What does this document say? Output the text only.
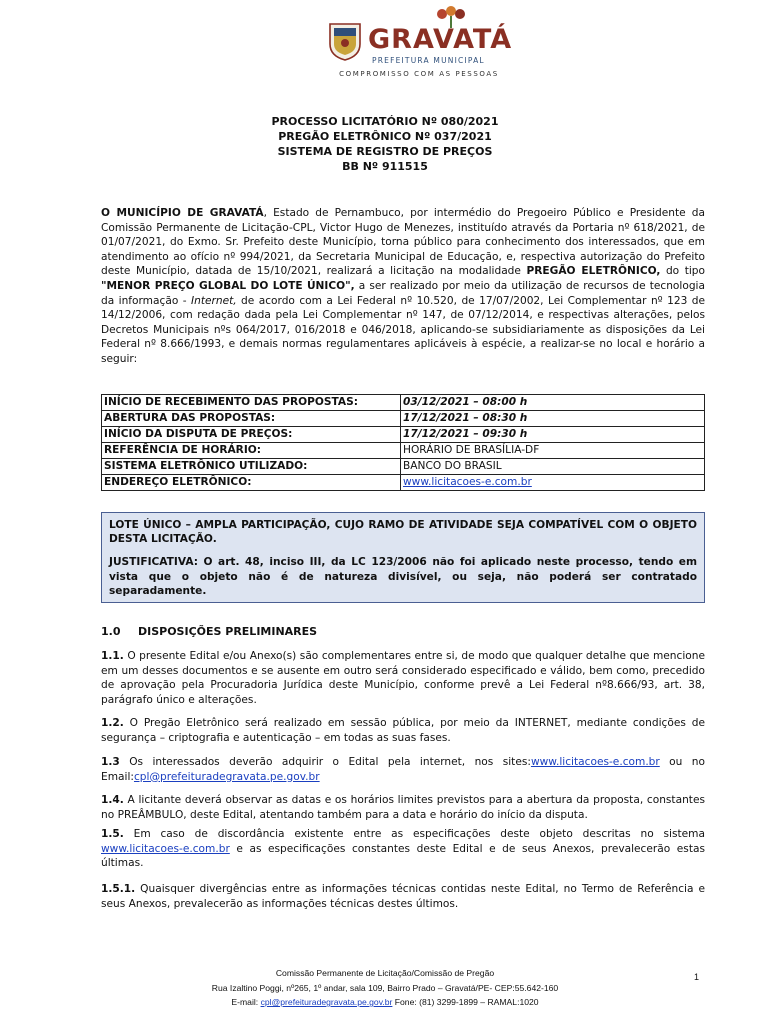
GRAVATÁ
PREFEITURA MUNICIPAL
COMPROMISSO COM AS PESSOAS
PROCESSO LICITATÓRIO Nº 080/2021
PREGÃO ELETRÔNICO Nº 037/2021
SISTEMA DE REGISTRO DE PREÇOS
BB Nº 911515

O MUNICÍPIO DE GRAVATÁ, Estado de Pernambuco, por intermédio do Pregoeiro Público e Presidente da Comissão Permanente de Licitação-CPL, Victor Hugo de Menezes, instituído através da Portaria nº 618/2021, de 01/07/2021, do Exmo. Sr. Prefeito deste Município, torna público para conhecimento dos interessados, que em atendimento ao ofício nº 994/2021, da Secretaria Municipal de Educação, e, respectiva autorização do Prefeito deste Município, datada de 15/10/2021, realizará a licitação na modalidade PREGÃO ELETRÔNICO, do tipo "MENOR PREÇO GLOBAL DO LOTE ÚNICO", a ser realizado por meio da utilização de recursos de tecnologia da informação - Internet, de acordo com a Lei Federal nº 10.520, de 17/07/2002, Lei Complementar nº 123 de 14/12/2006, com redação dada pela Lei Complementar nº 147, de 07/12/2014, e respectivas alterações, pelos Decretos Municipais nºs 064/2017, 016/2018 e 046/2018, aplicando-se subsidiariamente as disposições da Lei Federal nº 8.666/1993, e demais normas regulamentares aplicáveis à espécie, a realizar-se no local e horário a seguir:

INÍCIO DE RECEBIMENTO DAS PROPOSTAS:	03/12/2021 – 08:00 h
ABERTURA DAS PROPOSTAS:	17/12/2021 – 08:30 h
INÍCIO DA DISPUTA DE PREÇOS:	17/12/2021 – 09:30 h
REFERÊNCIA DE HORÁRIO:	HORÁRIO DE BRASÍLIA-DF
SISTEMA ELETRÔNICO UTILIZADO:	BANCO DO BRASIL
ENDEREÇO ELETRÔNICO:	www.licitacoes-e.com.br

LOTE ÚNICO – AMPLA PARTICIPAÇÃO, CUJO RAMO DE ATIVIDADE SEJA COMPATÍVEL COM O OBJETO DESTA LICITAÇÃO.

JUSTIFICATIVA: O art. 48, inciso III, da LC 123/2006 não foi aplicado neste processo, tendo em vista que o objeto não é de natureza divisível, ou seja, não poderá ser contratado separadamente.

1.0 DISPOSIÇÕES PRELIMINARES

1.1. O presente Edital e/ou Anexo(s) são complementares entre si, de modo que qualquer detalhe que mencione em um desses documentos e se ausente em outro será considerado especificado e válido, bem como, precedido de aprovação pela Procuradoria Jurídica deste Município, conforme prevê a Lei Federal nº8.666/93, art. 38, parágrafo único e alterações.

1.2. O Pregão Eletrônico será realizado em sessão pública, por meio da INTERNET, mediante condições de segurança – criptografia e autenticação – em todas as suas fases.

1.3 Os interessados deverão adquirir o Edital pela internet, nos sites:www.licitacoes-e.com.br ou no Email:cpl@prefeituradegravata.pe.gov.br

1.4. A licitante deverá observar as datas e os horários limites previstos para a abertura da proposta, constantes no PREÂMBULO, deste Edital, atentando também para a data e horário do início da disputa.

1.5. Em caso de discordância existente entre as especificações deste objeto descritas no sistema www.licitacoes-e.com.br e as especificações constantes deste Edital e de seus Anexos, prevalecerão estas últimas.

1.5.1. Quaisquer divergências entre as informações técnicas contidas neste Edital, no Termo de Referência e seus Anexos, prevalecerão as informações técnicas destes últimos.

Comissão Permanente de Licitação/Comissão de Pregão
Rua Izaltino Poggi, nº265, 1º andar, sala 109, Bairro Prado – Gravatá/PE- CEP:55.642-160
E-mail: cpl@prefeituradegravata.pe.gov.br Fone: (81) 3299-1899 – RAMAL:1020
1
